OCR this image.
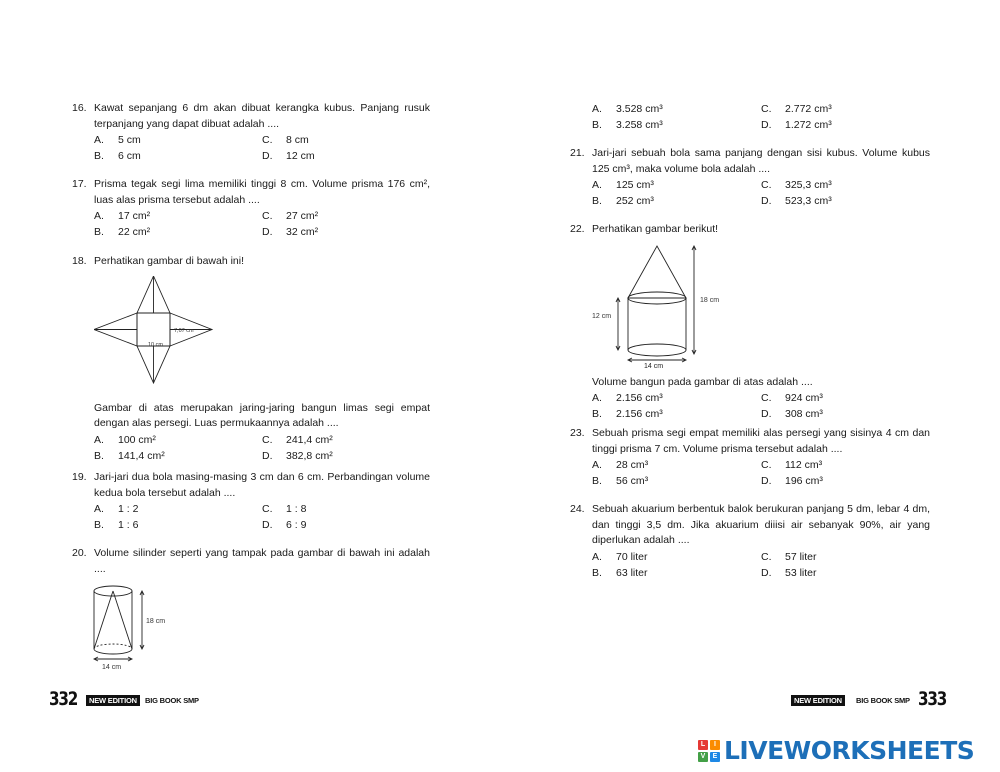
16. Kawat sepanjang 6 dm akan dibuat kerangka kubus. Panjang rusuk terpanjang yang dapat dibuat adalah ....
A.	5 cm	C.	8 cm
B.	6 cm	D.	12 cm
17. Prisma tegak segi lima memiliki tinggi 8 cm. Volume prisma 176 cm², luas alas prisma tersebut adalah ....
A.	17 cm²	C.	27 cm²
B.	22 cm²	D.	32 cm²
18. Perhatikan gambar di bawah ini!
10 cm
7,07 cm
Gambar di atas merupakan jaring-jaring bangun limas segi empat dengan alas persegi. Luas permukaannya adalah ....
A.	100 cm²	C.	241,4 cm²
B.	141,4 cm²	D.	382,8 cm²
19. Jari-jari dua bola masing-masing 3 cm dan 6 cm. Perbandingan volume kedua bola tersebut adalah ....
A.	1 : 2	C.	1 : 8
B.	1 : 6	D.	6 : 9
20. Volume silinder seperti yang tampak pada gambar di bawah ini adalah ....
18 cm
14 cm
A.	3.528 cm³	C.	2.772 cm³
B.	3.258 cm³	D.	1.272 cm³
21. Jari-jari sebuah bola sama panjang dengan sisi kubus. Volume kubus 125 cm³, maka volume bola adalah ....
A.	125 cm³	C.	325,3 cm³
B.	252 cm³	D.	523,3 cm³
22. Perhatikan gambar berikut!
18 cm
12 cm
14 cm
Volume bangun pada gambar di atas adalah ....
A.	2.156 cm³	C.	924 cm³
B.	2.156 cm³	D.	308 cm³
23. Sebuah prisma segi empat memiliki alas persegi yang sisinya 4 cm dan tinggi prisma 7 cm. Volume prisma tersebut adalah ....
A.	28 cm³	C.	112 cm³
B.	56 cm³	D.	196 cm³
24. Sebuah akuarium berbentuk balok berukuran panjang 5 dm, lebar 4 dm, dan tinggi 3,5 dm. Jika akuarium diiisi air sebanyak 90%, air yang diperlukan adalah ....
A.	70 liter	C.	57 liter
B.	63 liter	D.	53 liter
332	NEW EDITION	BIG BOOK SMP	NEW EDITION	BIG BOOK SMP 333
L	I
V	E LIVEWORKSHEETS
